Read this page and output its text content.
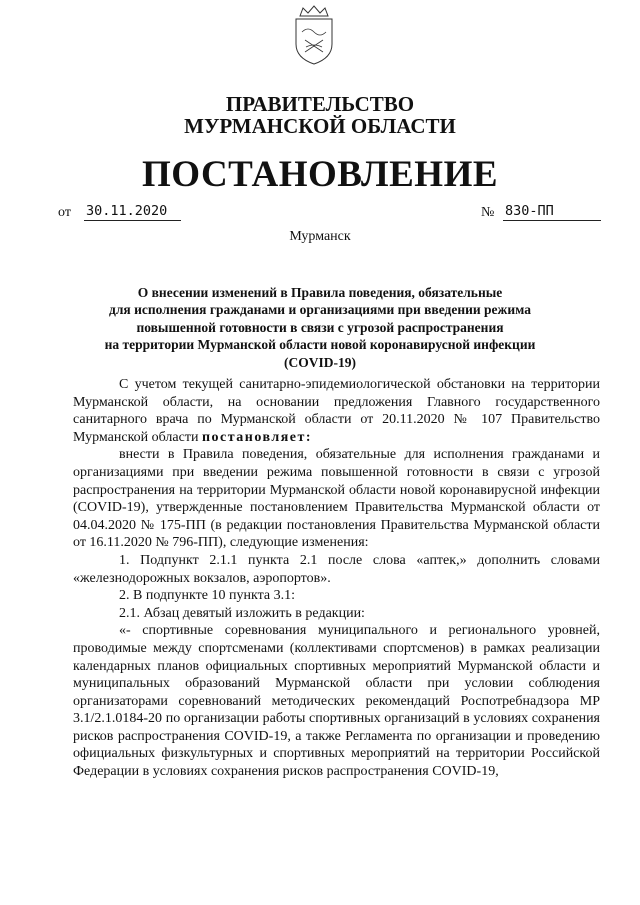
ПРАВИТЕЛЬСТВО
МУРМАНСКОЙ ОБЛАСТИ
ПОСТАНОВЛЕНИЕ
от 30.11.2020	№ 830-ПП
Мурманск
О внесении изменений в Правила поведения, обязательные
для исполнения гражданами и организациями при введении режима
повышенной готовности в связи с угрозой распространения
на территории Мурманской области новой коронавирусной инфекции
(COVID-19)
С учетом текущей санитарно-эпидемиологической обстановки на территории Мурманской области, на основании предложения Главного государственного санитарного врача по Мурманской области от 20.11.2020 № 107 Правительство Мурманской области постановляет:
внести в Правила поведения, обязательные для исполнения гражданами и организациями при введении режима повышенной готовности в связи с угрозой распространения на территории Мурманской области новой коронавирусной инфекции (COVID-19), утвержденные постановлением Правительства Мурманской области от 04.04.2020 № 175-ПП (в редакции постановления Правительства Мурманской области от 16.11.2020 № 796-ПП), следующие изменения:
1. Подпункт 2.1.1 пункта 2.1 после слова «аптек,» дополнить словами «железнодорожных вокзалов, аэропортов».
2. В подпункте 10 пункта 3.1:
2.1. Абзац девятый изложить в редакции:
«- спортивные соревнования муниципального и регионального уровней, проводимые между спортсменами (коллективами спортсменов) в рамках реализации календарных планов официальных спортивных мероприятий Мурманской области и муниципальных образований Мурманской области при условии соблюдения организаторами соревнований методических рекомендаций Роспотребнадзора МР 3.1/2.1.0184-20 по организации работы спортивных организаций в условиях сохранения рисков распространения COVID-19, а также Регламента по организации и проведению официальных физкультурных и спортивных мероприятий на территории Российской Федерации в условиях сохранения рисков распространения COVID-19,
